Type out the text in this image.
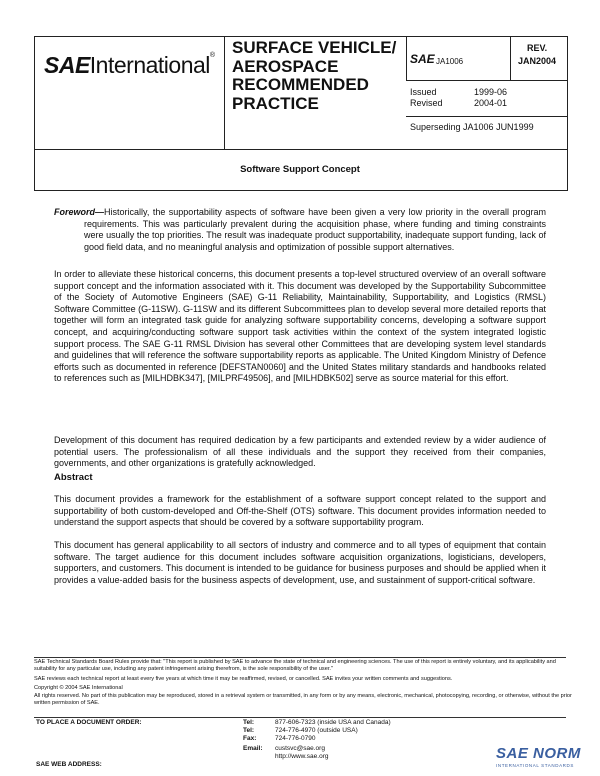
SAEInternational® SURFACE VEHICLE/ AEROSPACE RECOMMENDED PRACTICE
SAE JA1006
REV.
JAN2004
Issued	1999-06
Revised	2004-01
Superseding JA1006 JUN1999
Software Support Concept

Foreword—Historically, the supportability aspects of software have been given a very low priority in the overall program requirements. This was particularly prevalent during the acquisition phase, where funding and timing constraints were usually the top priorities. The result was inadequate product supportability, inadequate support funding, lack of good field data, and no meaningful analysis and optimization of possible support alternatives.

In order to alleviate these historical concerns, this document presents a top-level structured overview of an overall software support concept and the information associated with it. This document was developed by the Supportability Subcommittee of the Society of Automotive Engineers (SAE) G-11 Reliability, Maintainability, Supportability, and Logistics (RMSL) Software Committee (G-11SW). G-11SW and its different Subcommittees plan to develop several more detailed reports that together will form an integrated task guide for analyzing software supportability concerns, developing a software support concept, and acquiring/conducting software support task activities within the context of the system integrated logistic support process. The SAE G-11 RMSL Division has several other Committees that are developing system level standards and guidelines that will reference the software supportability reports as applicable. The United Kingdom Ministry of Defence efforts such as documented in reference [DEFSTAN0060] and the United States military standards and handbooks related to references such as [MILHDBK347], [MILPRF49506], and [MILHDBK502] serve as source material for this effort.
Development of this document has required dedication by a few participants and extended review by a wider audience of potential users. The professionalism of all these individuals and the support they received from their companies, governments, and other organizations is gratefully acknowledged.
Abstract
This document provides a framework for the establishment of a software support concept related to the support and supportability of both custom-developed and Off-the-Shelf (OTS) software. This document provides information needed to understand the support aspects that should be covered by a software supportability program.
This document has general applicability to all sectors of industry and commerce and to all types of equipment that contain software. The target audience for this document includes software acquisition organizations, logisticians, developers, supporters, and customers. This document is intended to be guidance for business purposes and should be applied when it provides a value-added basis for the business aspects of development, use, and sustainment of support-critical software.

SAE Technical Standards Board Rules provide that: "This report is published by SAE to advance the state of technical and engineering sciences. The use of this report is entirely voluntary, and its applicability and suitability for any particular use, including any patent infringement arising therefrom, is the sole responsibility of the user."

SAE reviews each technical report at least every five years at which time it may be reaffirmed, revised, or cancelled. SAE invites your written comments and suggestions.

Copyright © 2004 SAE International

All rights reserved. No part of this publication may be reproduced, stored in a retrieval system or transmitted, in any form or by any means, electronic, mechanical, photocopying, recording, or otherwise, without the prior written permission of SAE.

TO PLACE A DOCUMENT ORDER:
SAE WEB ADDRESS:
Tel:	877-606-7323 (inside USA and Canada)
Tel:	724-776-4970 (outside USA)
Fax:	724-776-0790
Email: custsvc@sae.org
http://www.sae.org	SAE NORM
INTERNATIONAL STANDARDS
